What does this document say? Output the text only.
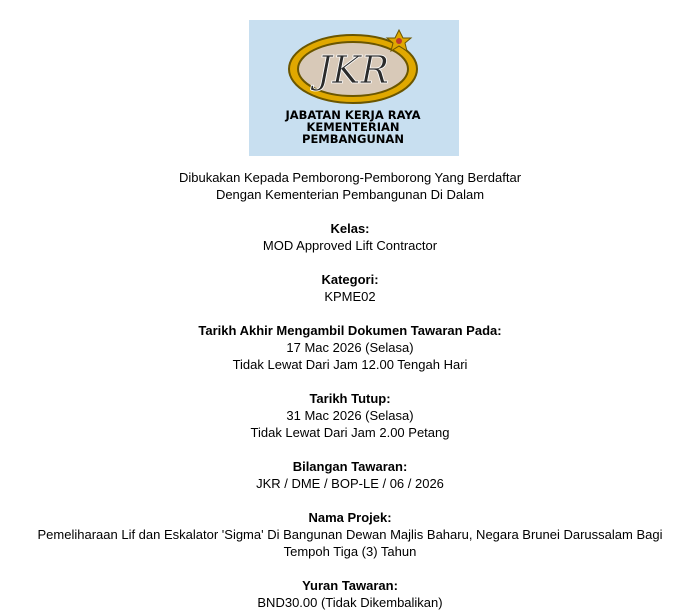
JKR
JABATAN KERJA RAYA
KEMENTERIAN
PEMBANGUNAN
Dibukakan Kepada Pemborong-Pemborong Yang Berdaftar
Dengan Kementerian Pembangunan Di Dalam
Kelas:
MOD Approved Lift Contractor
Kategori:
KPME02
Tarikh Akhir Mengambil Dokumen Tawaran Pada:
17 Mac 2026 (Selasa)
Tidak Lewat Dari Jam 12.00 Tengah Hari
Tarikh Tutup:
31 Mac 2026 (Selasa)
Tidak Lewat Dari Jam 2.00 Petang
Bilangan Tawaran:
JKR / DME / BOP-LE / 06 / 2026
Nama Projek:
Pemeliharaan Lif dan Eskalator 'Sigma' Di Bangunan Dewan Majlis Baharu, Negara Brunei Darussalam Bagi
Tempoh Tiga (3) Tahun
Yuran Tawaran:
BND30.00 (Tidak Dikembalikan)
